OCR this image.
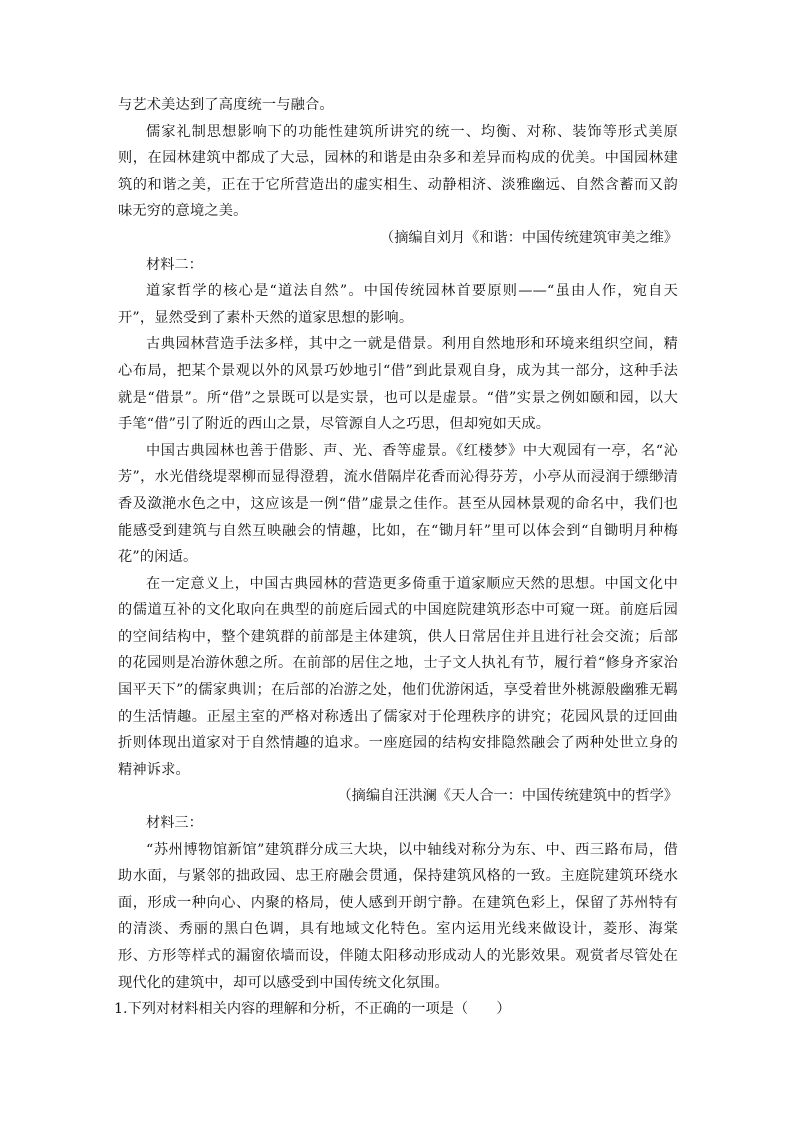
与艺术美达到了高度统一与融合。

儒家礼制思想影响下的功能性建筑所讲究的统一、均衡、对称、装饰等形式美原则，在园林建筑中都成了大忌，园林的和谐是由杂多和差异而构成的优美。中国园林建筑的和谐之美，正在于它所营造出的虚实相生、动静相济、淡雅幽远、自然含蓄而又韵味无穷的意境之美。

（摘编自刘月《和谐：中国传统建筑审美之维》

材料二：

道家哲学的核心是“道法自然”。中国传统园林首要原则——“虽由人作，宛自天开”，显然受到了素朴天然的道家思想的影响。

古典园林营造手法多样，其中之一就是借景。利用自然地形和环境来组织空间，精心布局，把某个景观以外的风景巧妙地引“借”到此景观自身，成为其一部分，这种手法就是“借景”。所“借”之景既可以是实景，也可以是虚景。“借”实景之例如颐和园，以大手笔“借”引了附近的西山之景，尽管源自人之巧思，但却宛如天成。

中国古典园林也善于借影、声、光、香等虚景。《红楼梦》中大观园有一亭，名“沁芳”，水光借绕堤翠柳而显得澄碧，流水借隔岸花香而沁得芬芳，小亭从而浸润于缥缈清香及潋滟水色之中，这应该是一例“借”虚景之佳作。甚至从园林景观的命名中，我们也能感受到建筑与自然互映融会的情趣，比如，在“锄月轩”里可以体会到“自锄明月种梅花”的闲适。

在一定意义上，中国古典园林的营造更多倚重于道家顺应天然的思想。中国文化中的儒道互补的文化取向在典型的前庭后园式的中国庭院建筑形态中可窥一斑。前庭后园的空间结构中，整个建筑群的前部是主体建筑，供人日常居住并且进行社会交流；后部的花园则是冶游休憩之所。在前部的居住之地，士子文人执礼有节，履行着“修身齐家治国平天下”的儒家典训；在后部的冶游之处，他们优游闲适，享受着世外桃源般幽雅无羁的生活情趣。正屋主室的严格对称透出了儒家对于伦理秩序的讲究；花园风景的迂回曲折则体现出道家对于自然情趣的追求。一座庭园的结构安排隐然融会了两种处世立身的精神诉求。

（摘编自汪洪澜《天人合一：中国传统建筑中的哲学》

材料三：

“苏州博物馆新馆”建筑群分成三大块，以中轴线对称分为东、中、西三路布局，借助水面，与紧邻的拙政园、忠王府融会贯通，保持建筑风格的一致。主庭院建筑环绕水面，形成一种向心、内聚的格局，使人感到开朗宁静。在建筑色彩上，保留了苏州特有的清淡、秀丽的黑白色调，具有地域文化特色。室内运用光线来做设计，菱形、海棠形、方形等样式的漏窗依墙而设，伴随太阳移动形成动人的光影效果。观赏者尽管处在现代化的建筑中，却可以感受到中国传统文化氛围。

1.下列对材料相关内容的理解和分析，不正确的一项是（　　）
